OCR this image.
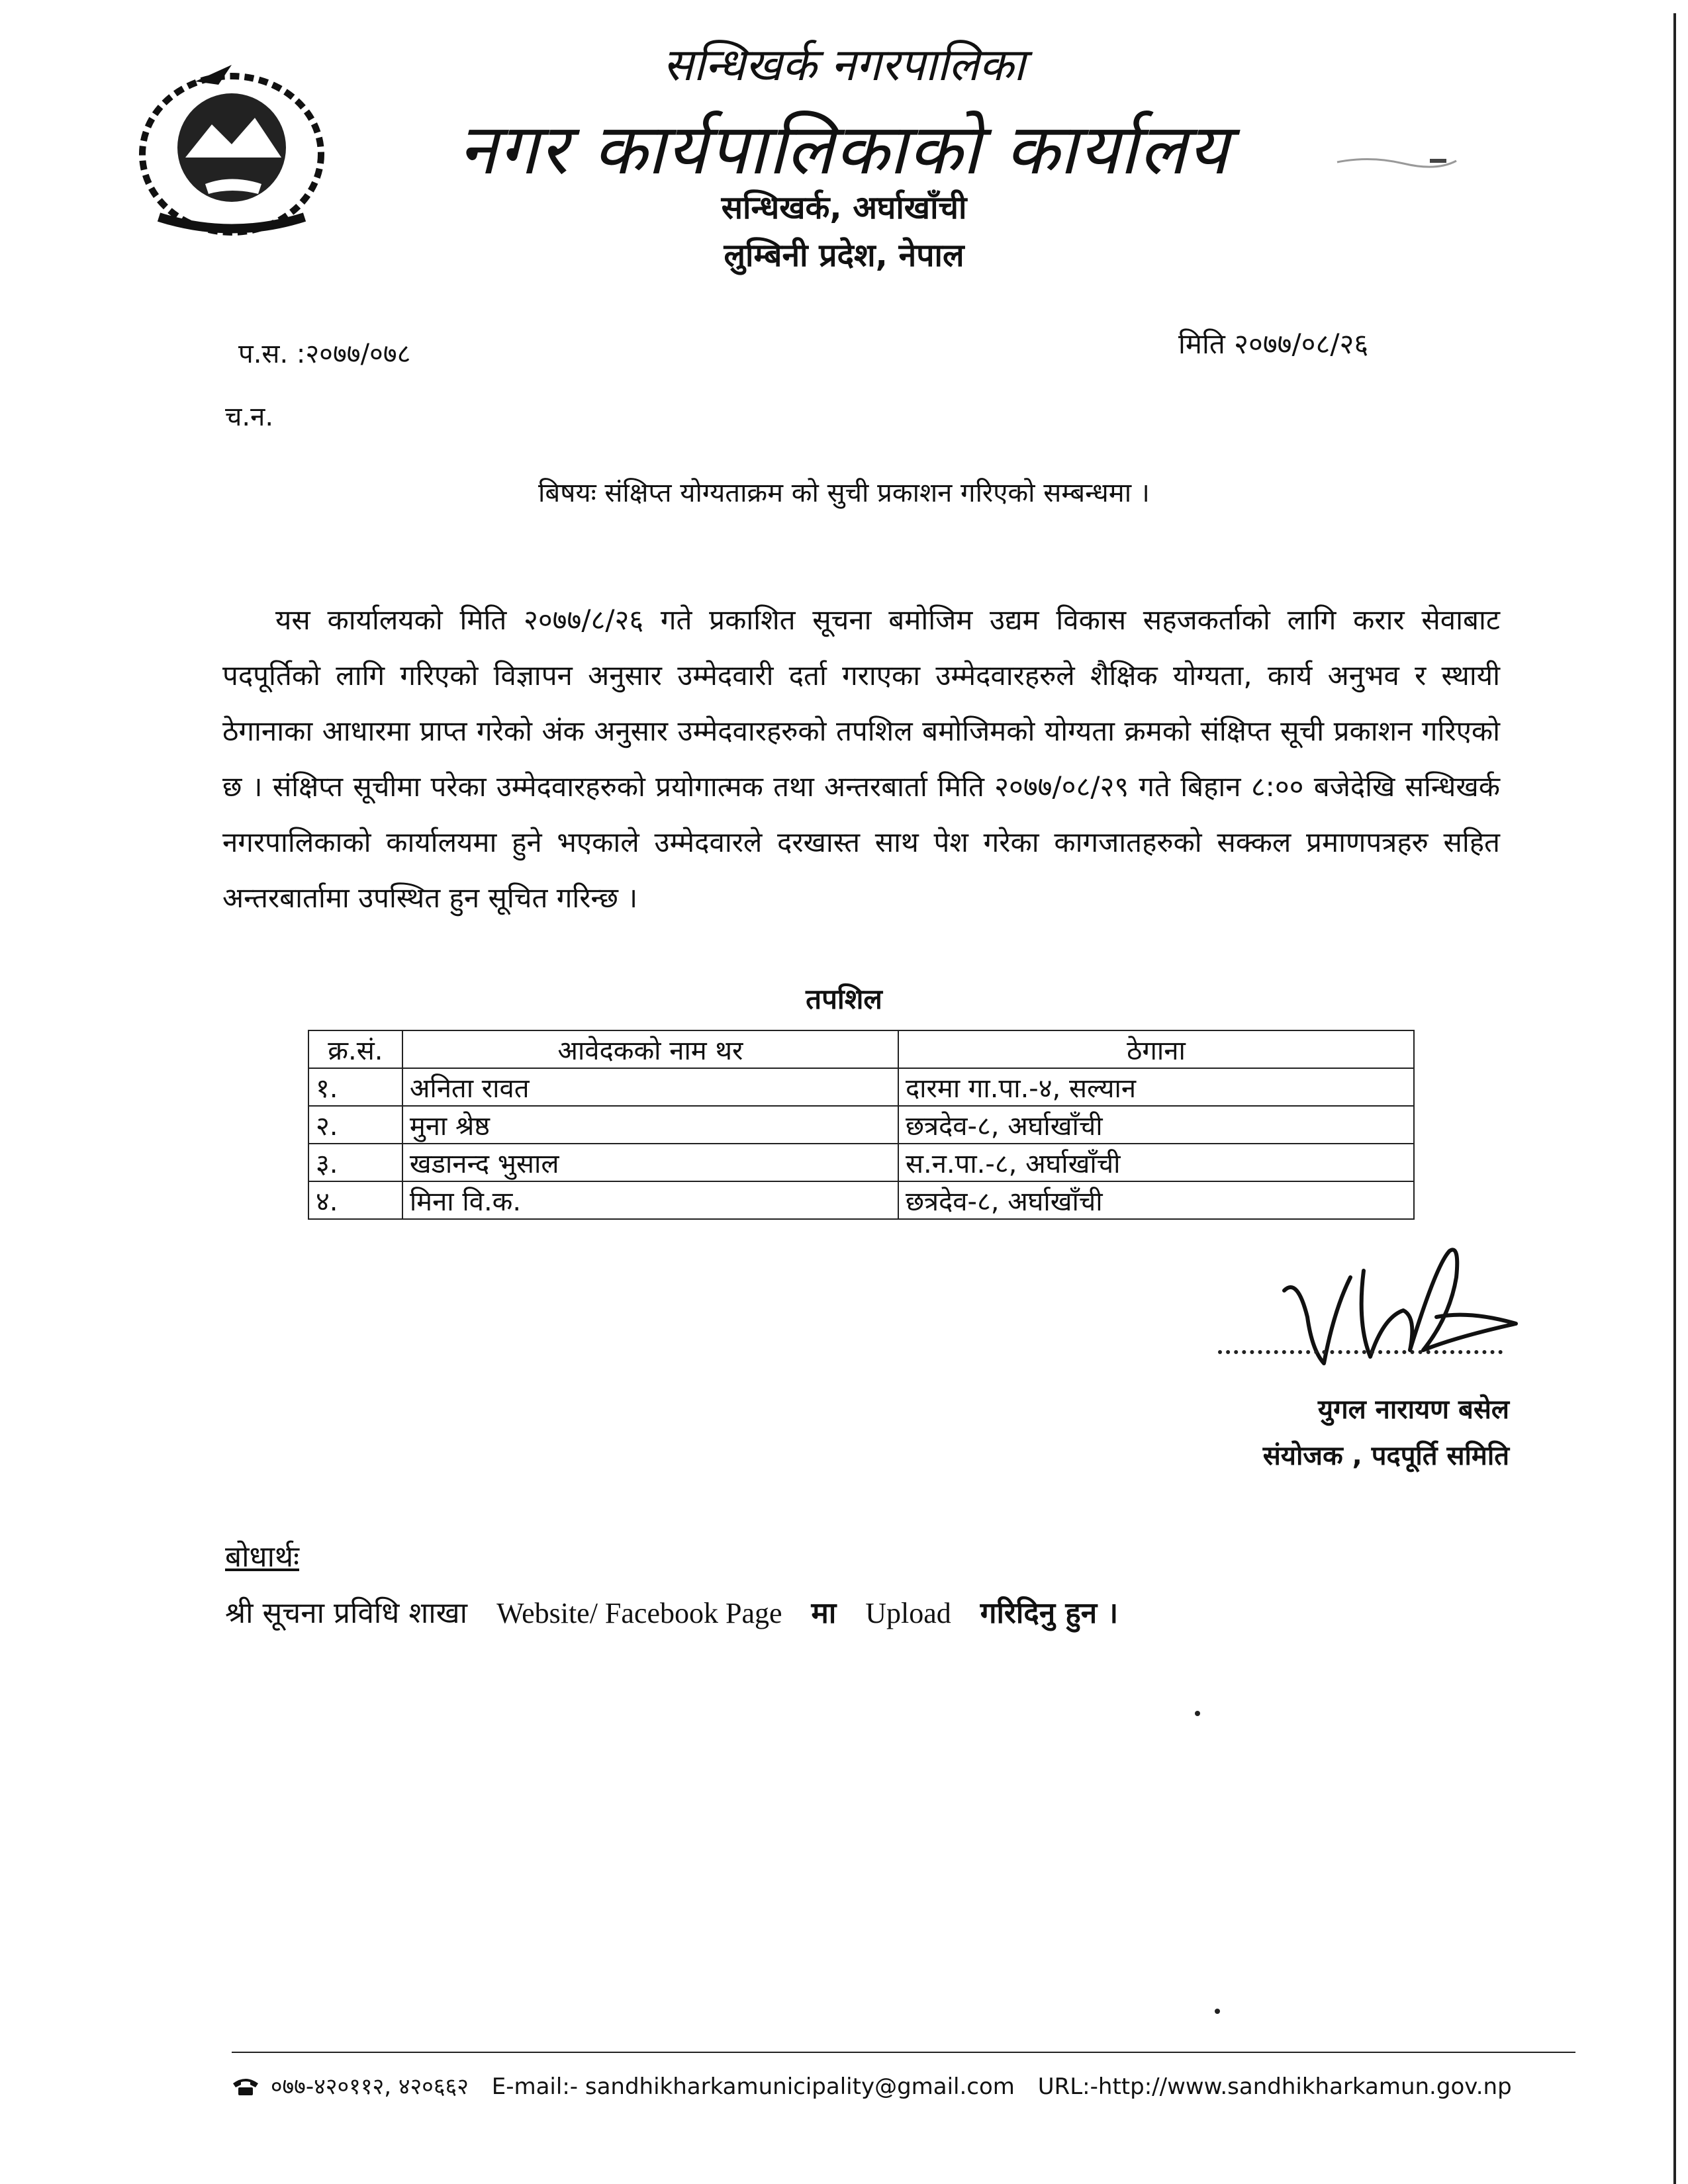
सन्धिखर्क नगरपालिका
नगर कार्यपालिकाको कार्यालय
सन्धिखर्क, अर्घाखाँची
लुम्बिनी प्रदेश, नेपाल
प.स. :२०७७/०७८
च.न.
मिति २०७७/०८/२६
बिषयः संक्षिप्त योग्यताक्रम को सुची प्रकाशन गरिएको सम्बन्धमा ।
यस कार्यालयको मिति २०७७/८/२६ गते प्रकाशित सूचना बमोजिम उद्यम विकास सहजकर्ताको लागि करार सेवाबाट पदपूर्तिको लागि गरिएको विज्ञापन अनुसार उम्मेदवारी दर्ता गराएका उम्मेदवारहरुले शैक्षिक योग्यता, कार्य अनुभव र स्थायी ठेगानाका आधारमा प्राप्त गरेको अंक अनुसार उम्मेदवारहरुको तपशिल बमोजिमको योग्यता क्रमको संक्षिप्त सूची प्रकाशन गरिएको छ । संक्षिप्त सूचीमा परेका उम्मेदवारहरुको प्रयोगात्मक तथा अन्तरबार्ता मिति २०७७/०८/२९ गते बिहान ८:०० बजेदेखि सन्धिखर्क नगरपालिकाको कार्यालयमा हुने भएकाले उम्मेदवारले दरखास्त साथ पेश गरेका कागजातहरुको सक्कल प्रमाणपत्रहरु सहित अन्तरबार्तामा उपस्थित हुन सूचित गरिन्छ ।
तपशिल
क्र.सं.	आवेदकको नाम थर	ठेगाना
१.	अनिता रावत	दारमा गा.पा.-४, सल्यान
२.	मुना श्रेष्ठ	छत्रदेव-८, अर्घाखाँची
३.	खडानन्द भुसाल	स.न.पा.-८, अर्घाखाँची
४.	मिना वि.क.	छत्रदेव-८, अर्घाखाँची
युगल नारायण बसेल
संयोजक , पदपूर्ति समिति
बोधार्थः
श्री सूचना प्रविधि शाखा Website/ Facebook Page मा Upload गरिदिनु हुन ।
०७७-४२०११२, ४२०६६२ E-mail:- sandhikharkamunicipality@gmail.com URL:-http://www.sandhikharkamun.gov.np
